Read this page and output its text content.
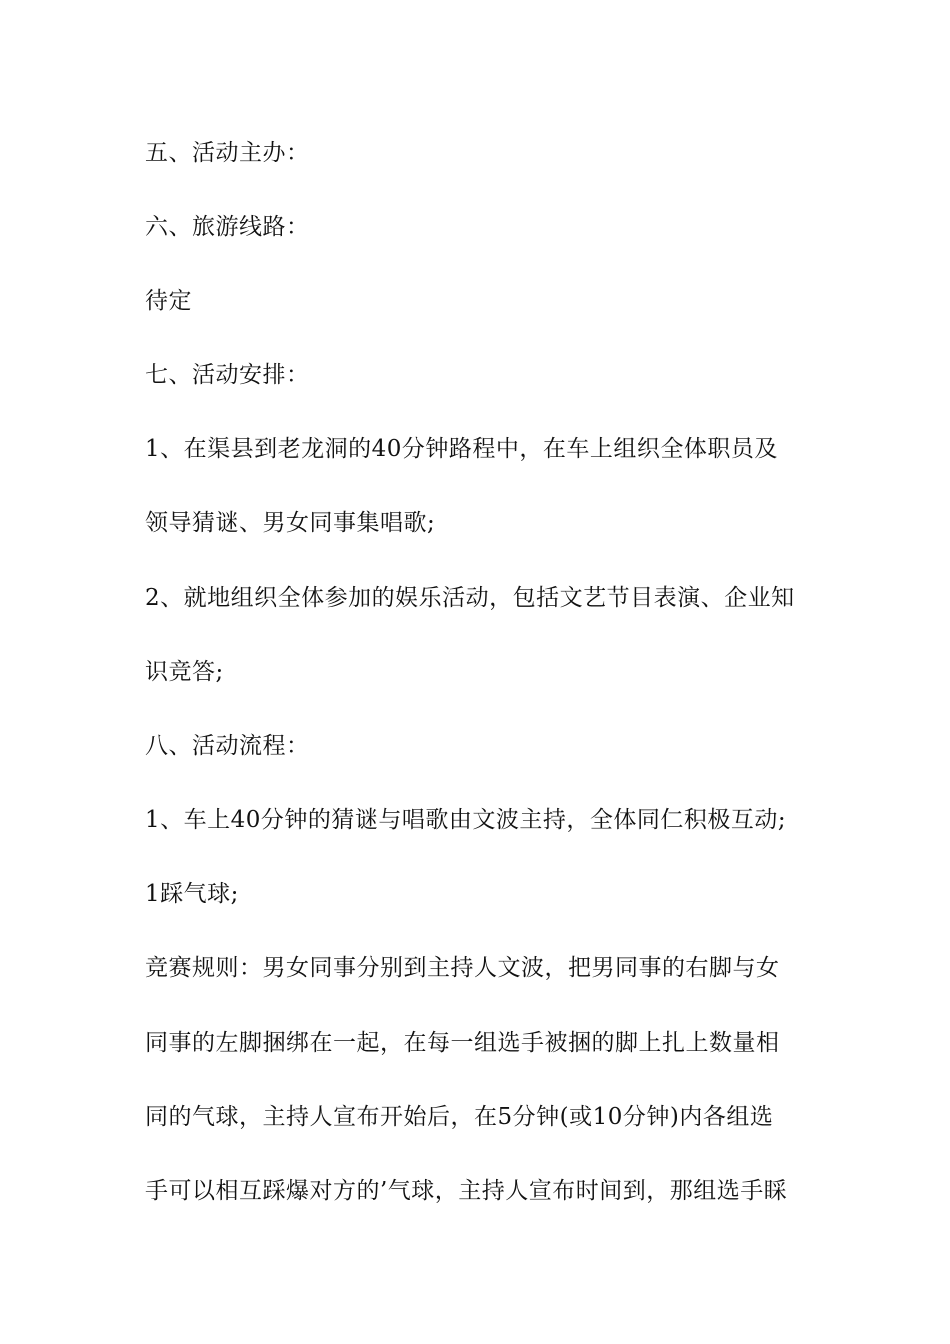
五、活动主办：
六、旅游线路：
待定
七、活动安排：
1、在渠县到老龙洞的40分钟路程中，在车上组织全体职员及
领导猜谜、男女同事集唱歌;
2、就地组织全体参加的娱乐活动，包括文艺节目表演、企业知
识竞答;
八、活动流程：
1、车上40分钟的猜谜与唱歌由文波主持，全体同仁积极互动;
1踩气球;
竞赛规则：男女同事分别到主持人文波，把男同事的右脚与女
同事的左脚捆绑在一起，在每一组选手被捆的脚上扎上数量相
同的气球，主持人宣布开始后，在5分钟(或10分钟)内各组选
手可以相互踩爆对方的’气球，主持人宣布时间到，那组选手睬
